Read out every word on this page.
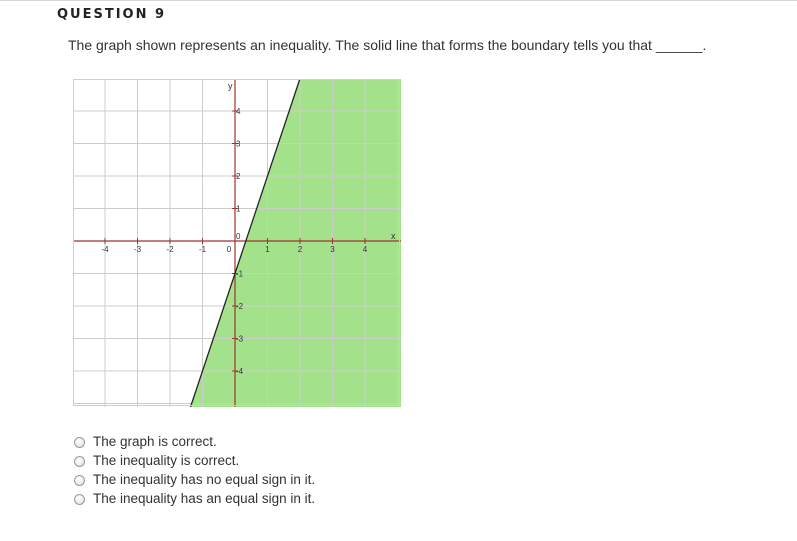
QUESTION 9
The graph shown represents an inequality. The solid line that forms the boundary tells you that ______.
-4	-3	-2	-1	1	2	3	4
4
3
2
1
-1
-2
-3
-4
0
0	x
y
The graph is correct.
The inequality is correct.
The inequality has no equal sign in it.
The inequality has an equal sign in it.
